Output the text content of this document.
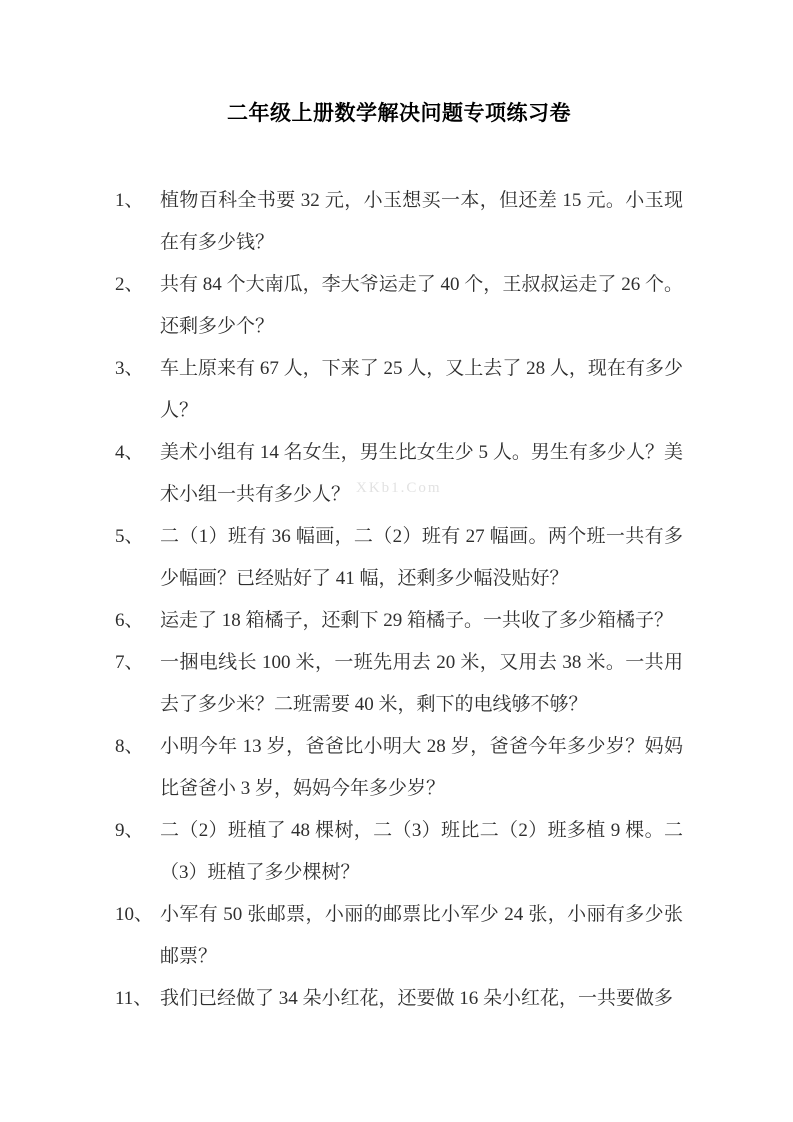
二年级上册数学解决问题专项练习卷

1、 植物百科全书要 32 元，小玉想买一本，但还差 15 元。小玉现在有多少钱？

2、 共有 84 个大南瓜，李大爷运走了 40 个，王叔叔运走了 26 个。还剩多少个？

3、 车上原来有 67 人，下来了 25 人，又上去了 28 人，现在有多少人？

4、 美术小组有 14 名女生，男生比女生少 5 人。男生有多少人？美术小组一共有多少人？

5、 二（1）班有 36 幅画，二（2）班有 27 幅画。两个班一共有多少幅画？已经贴好了 41 幅，还剩多少幅没贴好？

6、 运走了 18 箱橘子，还剩下 29 箱橘子。一共收了多少箱橘子？

7、 一捆电线长 100 米，一班先用去 20 米，又用去 38 米。一共用去了多少米？二班需要 40 米，剩下的电线够不够？

8、 小明今年 13 岁，爸爸比小明大 28 岁，爸爸今年多少岁？妈妈比爸爸小 3 岁，妈妈今年多少岁？

9、 二（2）班植了 48 棵树，二（3）班比二（2）班多植 9 棵。二（3）班植了多少棵树？

10、 小军有 50 张邮票，小丽的邮票比小军少 24 张，小丽有多少张邮票？

11、 我们已经做了 34 朵小红花，还要做 16 朵小红花，一共要做多

XKb1.Com
